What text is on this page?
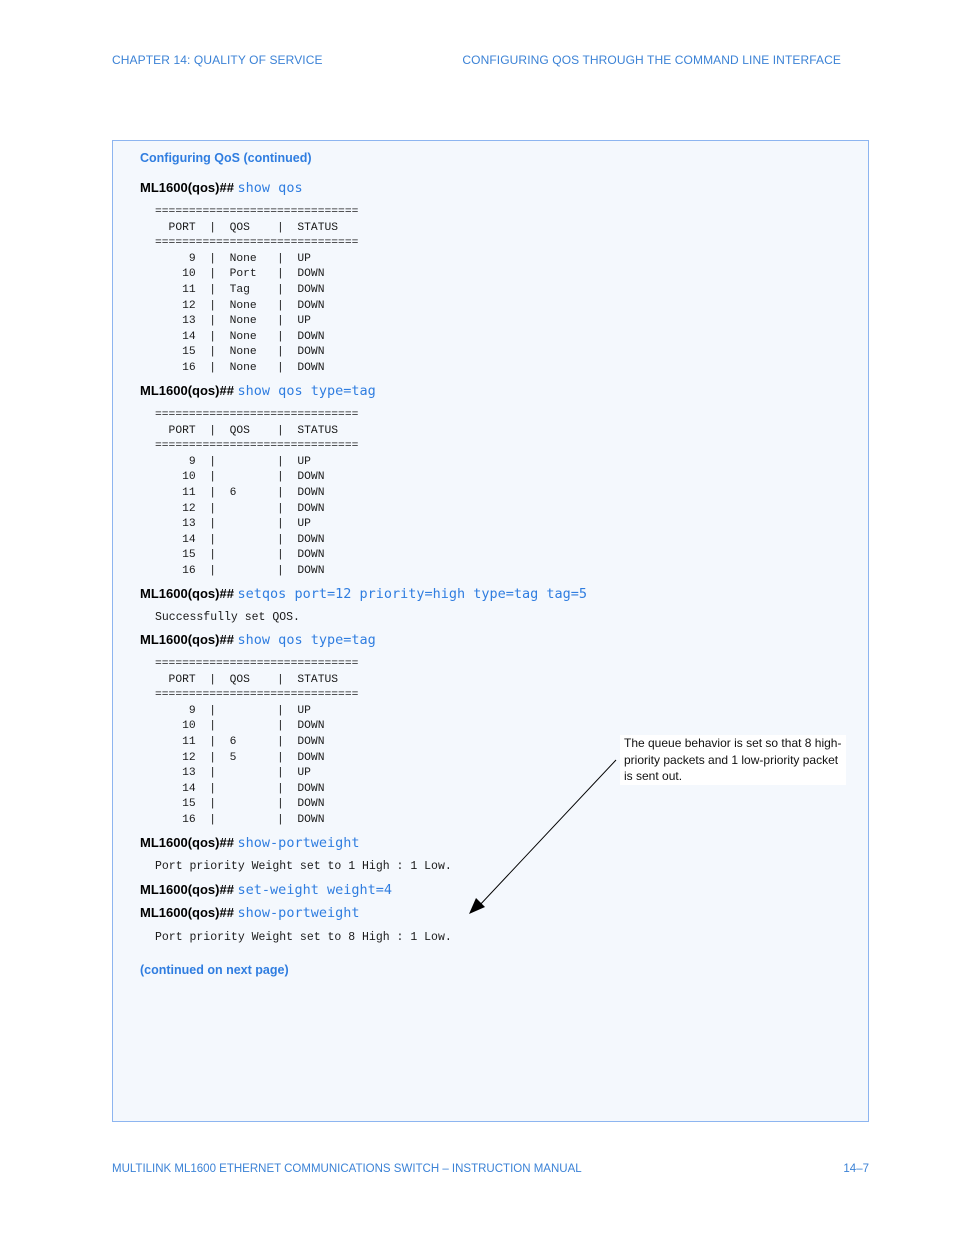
CHAPTER 14: QUALITY OF SERVICE	CONFIGURING QOS THROUGH THE COMMAND LINE INTERFACE
Configuring QoS (continued)
ML1600(qos)## show qos
==============================
PORT  |  QOS    |  STATUS
==============================
9  |  None   |  UP
10  |  Port   |  DOWN
11  |  Tag    |  DOWN
12  |  None   |  DOWN
13  |  None   |  UP
14  |  None   |  DOWN
15  |  None   |  DOWN
16  |  None   |  DOWN
ML1600(qos)## show qos type=tag
==============================
PORT  |  QOS    |  STATUS
==============================
9  |         |  UP
10  |         |  DOWN
11  |  6      |  DOWN
12  |         |  DOWN
13  |         |  UP
14  |         |  DOWN
15  |         |  DOWN
16  |         |  DOWN
ML1600(qos)## setqos port=12 priority=high type=tag tag=5
Successfully set QOS.
ML1600(qos)## show qos type=tag
==============================
PORT  |  QOS    |  STATUS
==============================
9  |         |  UP
10  |         |  DOWN
11  |  6      |  DOWN
12  |  5      |  DOWN
13  |         |  UP
14  |         |  DOWN
15  |         |  DOWN
16  |         |  DOWN
ML1600(qos)## show-portweight
Port priority Weight set to 1 High : 1 Low.
ML1600(qos)## set-weight weight=4
ML1600(qos)## show-portweight
Port priority Weight set to 8 High : 1 Low.
(continued on next page)
The queue behavior is set so that 8 high-priority packets and 1 low-priority packet is sent out.
MULTILINK ML1600 ETHERNET COMMUNICATIONS SWITCH – INSTRUCTION MANUAL	14–7
